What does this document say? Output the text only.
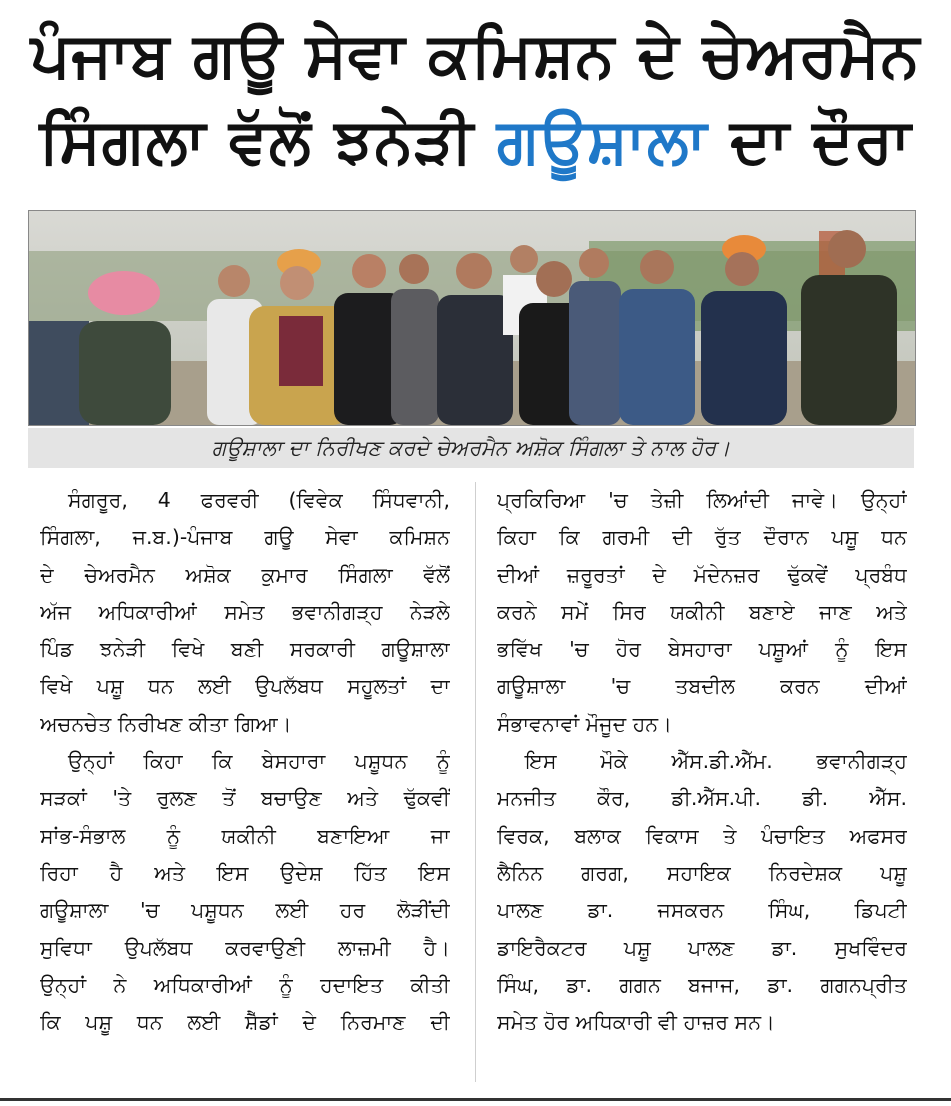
ਪੰਜਾਬ ਗਊ ਸੇਵਾ ਕਮਿਸ਼ਨ ਦੇ ਚੇਅਰਮੈਨ
ਸਿੰਗਲਾ ਵੱਲੋਂ ਝਨੇੜੀ ਗਊਸ਼ਾਲਾ ਦਾ ਦੌਰਾ
ਗਊਸ਼ਾਲਾ ਦਾ ਨਿਰੀਖਣ ਕਰਦੇ ਚੇਅਰਮੈਨ ਅਸ਼ੋਕ ਸਿੰਗਲਾ ਤੇ ਨਾਲ ਹੋਰ।
ਸੰਗਰੂਰ, 4 ਫਰਵਰੀ (ਵਿਵੇਕ ਸਿੰਧਵਾਨੀ,
ਸਿੰਗਲਾ, ਜ.ਬ.)-ਪੰਜਾਬ ਗਊ ਸੇਵਾ ਕਮਿਸ਼ਨ
ਦੇ ਚੇਅਰਮੈਨ ਅਸ਼ੋਕ ਕੁਮਾਰ ਸਿੰਗਲਾ ਵੱਲੋਂ
ਅੱਜ ਅਧਿਕਾਰੀਆਂ ਸਮੇਤ ਭਵਾਨੀਗੜ੍ਹ ਨੇੜਲੇ
ਪਿੰਡ ਝਨੇੜੀ ਵਿਖੇ ਬਣੀ ਸਰਕਾਰੀ ਗਊਸ਼ਾਲਾ
ਵਿਖੇ ਪਸ਼ੂ ਧਨ ਲਈ ਉਪਲੱਬਧ ਸਹੂਲਤਾਂ ਦਾ
ਅਚਨਚੇਤ ਨਿਰੀਖਣ ਕੀਤਾ ਗਿਆ।
ਉਨ੍ਹਾਂ ਕਿਹਾ ਕਿ ਬੇਸਹਾਰਾ ਪਸ਼ੂਧਨ ਨੂੰ
ਸੜਕਾਂ 'ਤੇ ਰੁਲਣ ਤੋਂ ਬਚਾਉਣ ਅਤੇ ਢੁੱਕਵੀਂ
ਸਾਂਭ-ਸੰਭਾਲ ਨੂੰ ਯਕੀਨੀ ਬਣਾਇਆ ਜਾ
ਰਿਹਾ ਹੈ ਅਤੇ ਇਸ ਉਦੇਸ਼ ਹਿੱਤ ਇਸ
ਗਊਸ਼ਾਲਾ 'ਚ ਪਸ਼ੂਧਨ ਲਈ ਹਰ ਲੋੜੀਂਦੀ
ਸੁਵਿਧਾ ਉਪਲੱਬਧ ਕਰਵਾਉਣੀ ਲਾਜ਼ਮੀ ਹੈ।
ਉਨ੍ਹਾਂ ਨੇ ਅਧਿਕਾਰੀਆਂ ਨੂੰ ਹਦਾਇਤ ਕੀਤੀ
ਕਿ ਪਸ਼ੂ ਧਨ ਲਈ ਸ਼ੈੱਡਾਂ ਦੇ ਨਿਰਮਾਣ ਦੀ
ਪ੍ਰਕਿਰਿਆ 'ਚ ਤੇਜ਼ੀ ਲਿਆਂਦੀ ਜਾਵੇ। ਉਨ੍ਹਾਂ
ਕਿਹਾ ਕਿ ਗਰਮੀ ਦੀ ਰੁੱਤ ਦੌਰਾਨ ਪਸ਼ੂ ਧਨ
ਦੀਆਂ ਜ਼ਰੂਰਤਾਂ ਦੇ ਮੱਦੇਨਜ਼ਰ ਢੁੱਕਵੇਂ ਪ੍ਰਬੰਧ
ਕਰਨੇ ਸਮੇਂ ਸਿਰ ਯਕੀਨੀ ਬਣਾਏ ਜਾਣ ਅਤੇ
ਭਵਿੱਖ 'ਚ ਹੋਰ ਬੇਸਹਾਰਾ ਪਸ਼ੂਆਂ ਨੂੰ ਇਸ
ਗਊਸ਼ਾਲਾ 'ਚ ਤਬਦੀਲ ਕਰਨ ਦੀਆਂ
ਸੰਭਾਵਨਾਵਾਂ ਮੌਜੂਦ ਹਨ।
ਇਸ ਮੌਕੇ ਐੱਸ.ਡੀ.ਐੱਮ. ਭਵਾਨੀਗੜ੍ਹ
ਮਨਜੀਤ ਕੌਰ, ਡੀ.ਐੱਸ.ਪੀ. ਡੀ. ਐੱਸ.
ਵਿਰਕ, ਬਲਾਕ ਵਿਕਾਸ ਤੇ ਪੰਚਾਇਤ ਅਫਸਰ
ਲੈਨਿਨ ਗਰਗ, ਸਹਾਇਕ ਨਿਰਦੇਸ਼ਕ ਪਸ਼ੂ
ਪਾਲਣ ਡਾ. ਜਸਕਰਨ ਸਿੰਘ, ਡਿਪਟੀ
ਡਾਇਰੈਕਟਰ ਪਸ਼ੂ ਪਾਲਣ ਡਾ. ਸੁਖਵਿੰਦਰ
ਸਿੰਘ, ਡਾ. ਗਗਨ ਬਜਾਜ, ਡਾ. ਗਗਨਪ੍ਰੀਤ
ਸਮੇਤ ਹੋਰ ਅਧਿਕਾਰੀ ਵੀ ਹਾਜ਼ਰ ਸਨ।
